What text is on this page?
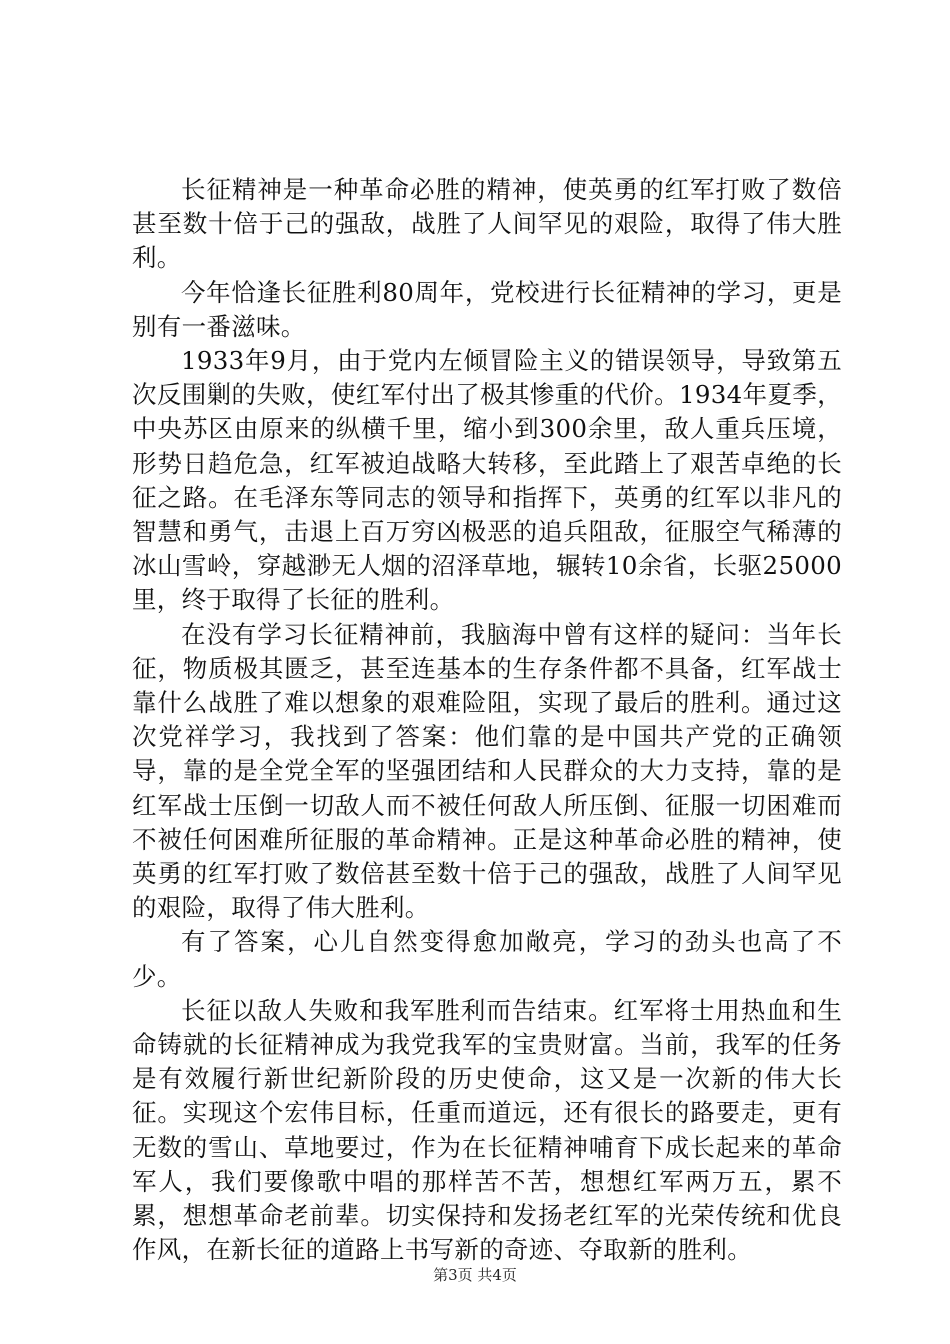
长征精神是一种革命必胜的精神，使英勇的红军打败了数倍甚至数十倍于己的强敌，战胜了人间罕见的艰险，取得了伟大胜利。

今年恰逢长征胜利80周年，党校进行长征精神的学习，更是别有一番滋味。

1933年9月，由于党内左倾冒险主义的错误领导，导致第五次反围剿的失败，使红军付出了极其惨重的代价。1934年夏季，中央苏区由原来的纵横千里，缩小到300余里，敌人重兵压境，形势日趋危急，红军被迫战略大转移，至此踏上了艰苦卓绝的长征之路。在毛泽东等同志的领导和指挥下，英勇的红军以非凡的智慧和勇气，击退上百万穷凶极恶的追兵阻敌，征服空气稀薄的冰山雪岭，穿越渺无人烟的沼泽草地，辗转10余省，长驱25000里，终于取得了长征的胜利。

在没有学习长征精神前，我脑海中曾有这样的疑问：当年长征，物质极其匮乏，甚至连基本的生存条件都不具备，红军战士靠什么战胜了难以想象的艰难险阻，实现了最后的胜利。通过这次党祥学习，我找到了答案：他们靠的是中国共产党的正确领导，靠的是全党全军的坚强团结和人民群众的大力支持，靠的是红军战士压倒一切敌人而不被任何敌人所压倒、征服一切困难而不被任何困难所征服的革命精神。正是这种革命必胜的精神，使英勇的红军打败了数倍甚至数十倍于己的强敌，战胜了人间罕见的艰险，取得了伟大胜利。

有了答案，心儿自然变得愈加敞亮，学习的劲头也高了不少。

长征以敌人失败和我军胜利而告结束。红军将士用热血和生命铸就的长征精神成为我党我军的宝贵财富。当前，我军的任务是有效履行新世纪新阶段的历史使命，这又是一次新的伟大长征。实现这个宏伟目标，任重而道远，还有很长的路要走，更有无数的雪山、草地要过，作为在长征精神哺育下成长起来的革命军人，我们要像歌中唱的那样苦不苦，想想红军两万五，累不累，想想革命老前辈。切实保持和发扬老红军的光荣传统和优良作风，在新长征的道路上书写新的奇迹、夺取新的胜利。

第3页 共4页
